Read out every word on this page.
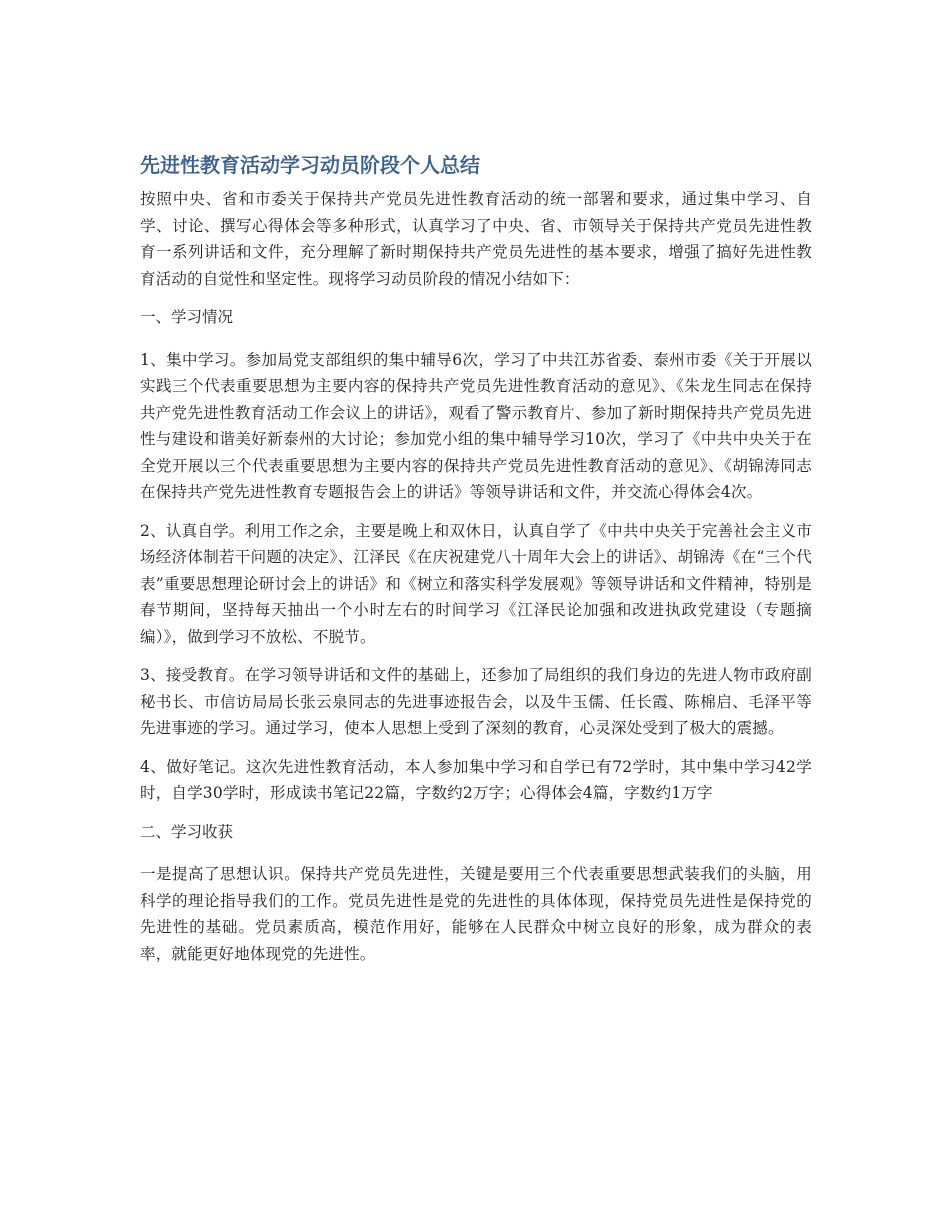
先进性教育活动学习动员阶段个人总结
按照中央、省和市委关于保持共产党员先进性教育活动的统一部署和要求，通过集中学习、自学、讨论、撰写心得体会等多种形式，认真学习了中央、省、市领导关于保持共产党员先进性教育一系列讲话和文件，充分理解了新时期保持共产党员先进性的基本要求，增强了搞好先进性教育活动的自觉性和坚定性。现将学习动员阶段的情况小结如下：
一、学习情况
1、集中学习。参加局党支部组织的集中辅导6次，学习了中共江苏省委、泰州市委《关于开展以实践三个代表重要思想为主要内容的保持共产党员先进性教育活动的意见》、《朱龙生同志在保持共产党先进性教育活动工作会议上的讲话》，观看了警示教育片、参加了新时期保持共产党员先进性与建设和谐美好新泰州的大讨论；参加党小组的集中辅导学习10次，学习了《中共中央关于在全党开展以三个代表重要思想为主要内容的保持共产党员先进性教育活动的意见》、《胡锦涛同志在保持共产党先进性教育专题报告会上的讲话》等领导讲话和文件，并交流心得体会4次。
2、认真自学。利用工作之余，主要是晚上和双休日，认真自学了《中共中央关于完善社会主义市场经济体制若干问题的决定》、江泽民《在庆祝建党八十周年大会上的讲话》、胡锦涛《在“三个代表”重要思想理论研讨会上的讲话》和《树立和落实科学发展观》等领导讲话和文件精神，特别是春节期间，坚持每天抽出一个小时左右的时间学习《江泽民论加强和改进执政党建设（专题摘编）》，做到学习不放松、不脱节。
3、接受教育。在学习领导讲话和文件的基础上，还参加了局组织的我们身边的先进人物市政府副秘书长、市信访局局长张云泉同志的先进事迹报告会，以及牛玉儒、任长霞、陈棉启、毛泽平等先进事迹的学习。通过学习，使本人思想上受到了深刻的教育，心灵深处受到了极大的震撼。
4、做好笔记。这次先进性教育活动，本人参加集中学习和自学已有72学时，其中集中学习42学时，自学30学时，形成读书笔记22篇，字数约2万字；心得体会4篇，字数约1万字
二、学习收获
一是提高了思想认识。保持共产党员先进性，关键是要用三个代表重要思想武装我们的头脑，用科学的理论指导我们的工作。党员先进性是党的先进性的具体体现，保持党员先进性是保持党的先进性的基础。党员素质高，模范作用好，能够在人民群众中树立良好的形象，成为群众的表率，就能更好地体现党的先进性。
